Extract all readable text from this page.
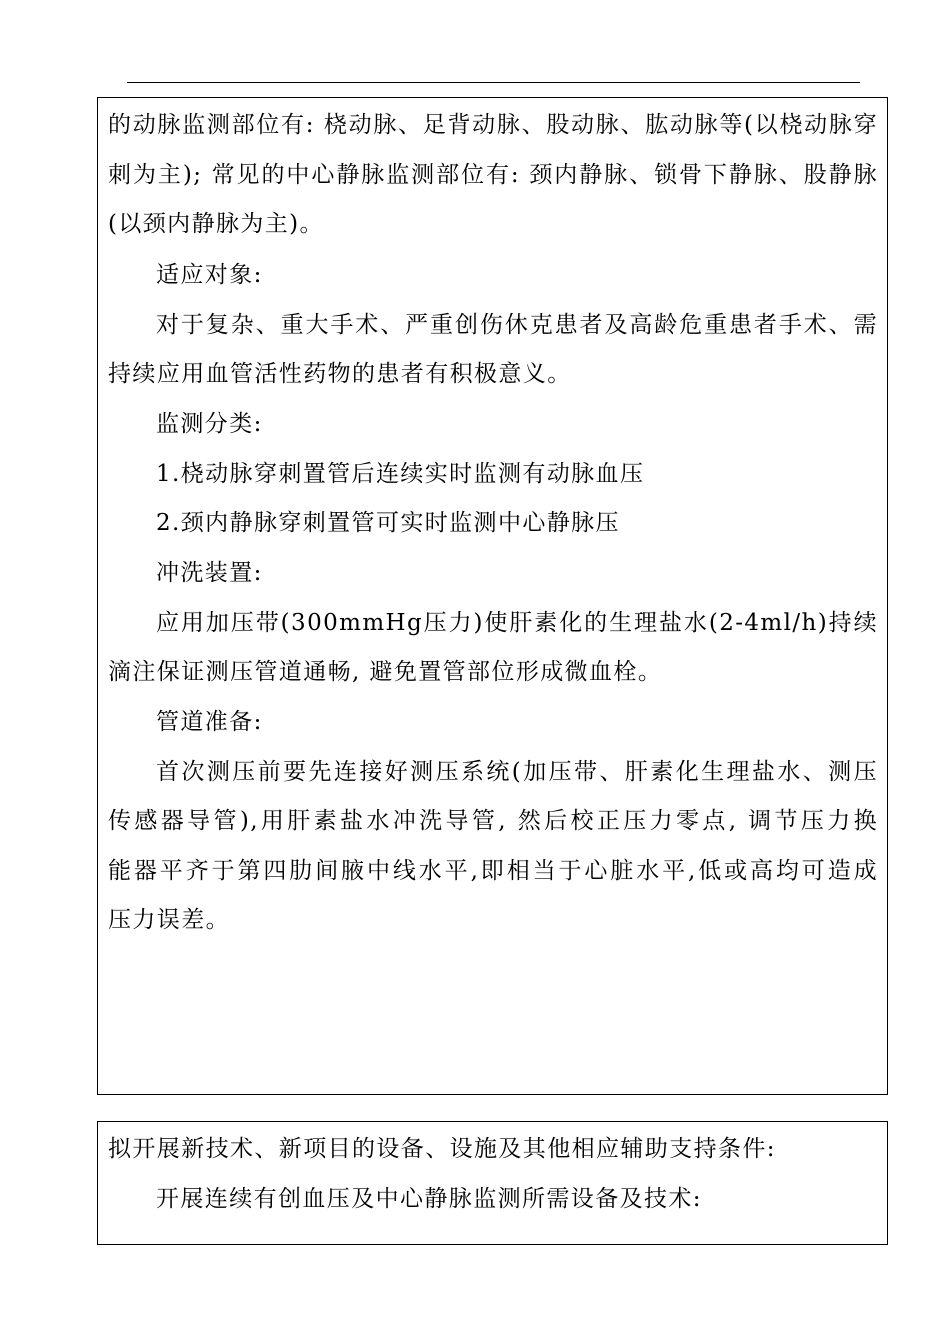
的动脉监测部位有: 桡动脉、足背动脉、股动脉、肱动脉等(以桡动脉穿
刺为主); 常见的中心静脉监测部位有: 颈内静脉、锁骨下静脉、股静脉
(以颈内静脉为主)。
适应对象:
对于复杂、重大手术、严重创伤休克患者及高龄危重患者手术、需
持续应用血管活性药物的患者有积极意义。
监测分类:
1.桡动脉穿刺置管后连续实时监测有动脉血压
2.颈内静脉穿刺置管可实时监测中心静脉压
冲洗装置:
应用加压带(300mmHg压力)使肝素化的生理盐水(2-4ml/h)持续
滴注保证测压管道通畅, 避免置管部位形成微血栓。
管道准备:
首次测压前要先连接好测压系统(加压带、肝素化生理盐水、测压
传感器导管),用肝素盐水冲洗导管, 然后校正压力零点, 调节压力换
能器平齐于第四肋间腋中线水平,即相当于心脏水平,低或高均可造成
压力误差。
拟开展新技术、新项目的设备、设施及其他相应辅助支持条件:
开展连续有创血压及中心静脉监测所需设备及技术:
